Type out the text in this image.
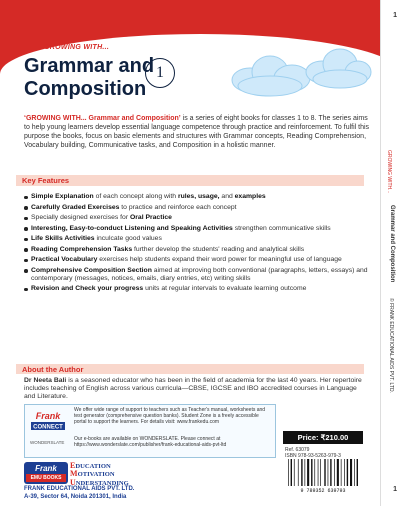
GROWING WITH...
Grammar and
Composition
1
‘GROWING WITH... Grammar and Composition’ is a series of eight books for classes 1 to 8. The series aims to help young learners develop essential language competence through practice and reinforcement. To fulfil this purpose the books, focus on basic elements and structures with Grammar concepts, Reading Comprehension, Vocabulary building, Communicative tasks, and Composition in a holistic manner.
Key Features
Simple Explanation of each concept along with rules, usage, and examples
Carefully Graded Exercises to practice and reinforce each concept
Specially designed exercises for Oral Practice
Interesting, Easy-to-conduct Listening and Speaking Activities strengthen communicative skills
Life Skills Activities inculcate good values
Reading Comprehension Tasks further develop the students' reading and analytical skills
Practical Vocabulary exercises help students expand their word power for meaningful use of language
Comprehensive Composition Section aimed at improving both conventional (paragraphs, letters, essays) and contemporary (messages, notices, emails, diary entries, etc) writing skills
Revision and Check your progress units at regular intervals to evaluate learning outcome
About the Author
Dr Neeta Bali is a seasoned educator who has been in the field of academia for the last 40 years. Her repertoire includes teaching of English across various curricula—CBSE, IGCSE and IBO accredited courses in Language and Literature.
Frank
CONNECT
We offer wide range of support to teachers such as Teacher's manual, worksheets and test generator (comprehensive question banks). Student Zone is a freely accessible portal to support the learners. For details visit: www.frankedu.com
WONDERSLATE
Our e-books are available on WONDERSLATE. Please connect at https://www.wonderslate.com/publisher/frank-educational-aids-pvt-ltd
Frank
EMU BOOKS
EDUCATION
MOTIVATION
UNDERSTANDING
FRANK EDUCATIONAL AIDS PVT. LTD.
A-39, Sector 64, Noida 201301, India
Price: ₹210.00
Ref. 63079
ISBN 978-93-5263-979-3
9 789352 639793
1
GROWING WITH...
Grammar and Composition
© FRANK EDUCATIONAL AIDS PVT. LTD.
1
